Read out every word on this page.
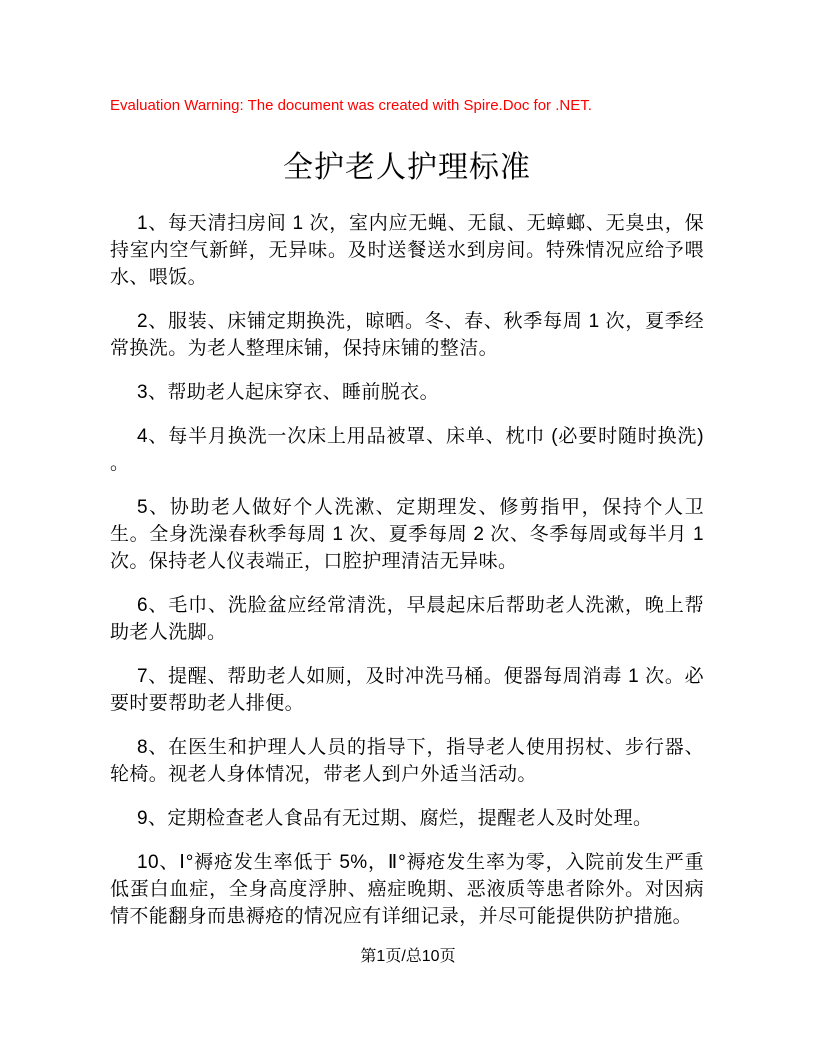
Evaluation Warning: The document was created with Spire.Doc for .NET.
全护老人护理标准

1、每天清扫房间 1 次，室内应无蝇、无鼠、无蟑螂、无臭虫，保持室内空气新鲜，无异味。及时送餐送水到房间。特殊情况应给予喂水、喂饭。

2、服装、床铺定期换洗，晾晒。冬、春、秋季每周 1 次，夏季经常换洗。为老人整理床铺，保持床铺的整洁。

3、帮助老人起床穿衣、睡前脱衣。

4、每半月换洗一次床上用品被罩、床单、枕巾 (必要时随时换洗) 。

5、协助老人做好个人洗漱、定期理发、修剪指甲，保持个人卫生。全身洗澡春秋季每周 1 次、夏季每周 2 次、冬季每周或每半月 1 次。保持老人仪表端正，口腔护理清洁无异味。

6、毛巾、洗脸盆应经常清洗，早晨起床后帮助老人洗漱，晚上帮助老人洗脚。

7、提醒、帮助老人如厕，及时冲洗马桶。便器每周消毒 1 次。必要时要帮助老人排便。

8、在医生和护理人人员的指导下，指导老人使用拐杖、步行器、轮椅。视老人身体情况，带老人到户外适当活动。

9、定期检查老人食品有无过期、腐烂，提醒老人及时处理。

10、Ⅰ°褥疮发生率低于 5%，Ⅱ°褥疮发生率为零，入院前发生严重低蛋白血症，全身高度浮肿、癌症晚期、恶液质等患者除外。对因病情不能翻身而患褥疮的情况应有详细记录，并尽可能提供防护措施。

第1页/总10页
